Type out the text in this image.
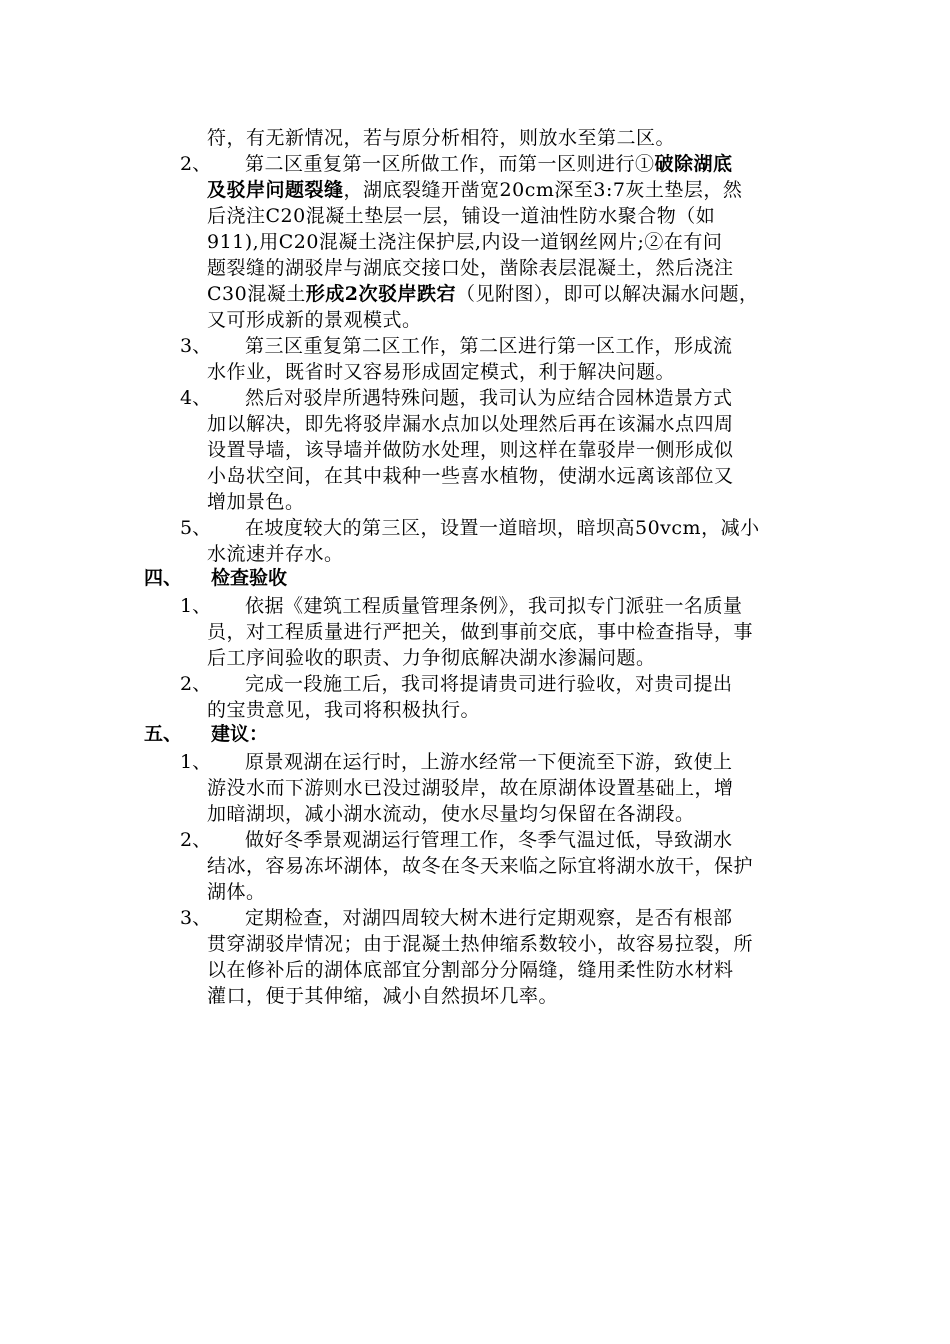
符，有无新情况，若与原分析相符，则放水至第二区。
2、 第二区重复第一区所做工作，而第一区则进行①破除湖底
及驳岸问题裂缝，湖底裂缝开凿宽20cm深至3:7灰土垫层，然
后浇注C20混凝土垫层一层，铺设一道油性防水聚合物（如
911),用C20混凝土浇注保护层,内设一道钢丝网片;②在有问
题裂缝的湖驳岸与湖底交接口处，凿除表层混凝土，然后浇注
C30混凝土形成2次驳岸跌宕（见附图），即可以解决漏水问题，
又可形成新的景观模式。
3、 第三区重复第二区工作，第二区进行第一区工作，形成流
水作业，既省时又容易形成固定模式，利于解决问题。
4、 然后对驳岸所遇特殊问题，我司认为应结合园林造景方式
加以解决，即先将驳岸漏水点加以处理然后再在该漏水点四周
设置导墙，该导墙并做防水处理，则这样在靠驳岸一侧形成似
小岛状空间，在其中栽种一些喜水植物，使湖水远离该部位又
增加景色。
5、 在坡度较大的第三区，设置一道暗坝，暗坝高50vcm，减小
水流速并存水。
四、 检查验收
1、 依据《建筑工程质量管理条例》，我司拟专门派驻一名质量
员，对工程质量进行严把关，做到事前交底，事中检查指导，事
后工序间验收的职责、力争彻底解决湖水渗漏问题。
2、 完成一段施工后，我司将提请贵司进行验收，对贵司提出
的宝贵意见，我司将积极执行。
五、 建议：
1、 原景观湖在运行时，上游水经常一下便流至下游，致使上
游没水而下游则水已没过湖驳岸，故在原湖体设置基础上，增
加暗湖坝，减小湖水流动，使水尽量均匀保留在各湖段。
2、 做好冬季景观湖运行管理工作，冬季气温过低，导致湖水
结冰，容易冻坏湖体，故冬在冬天来临之际宜将湖水放干，保护
湖体。
3、 定期检查，对湖四周较大树木进行定期观察，是否有根部
贯穿湖驳岸情况；由于混凝土热伸缩系数较小，故容易拉裂，所
以在修补后的湖体底部宜分割部分分隔缝，缝用柔性防水材料
灌口，便于其伸缩，减小自然损坏几率。
